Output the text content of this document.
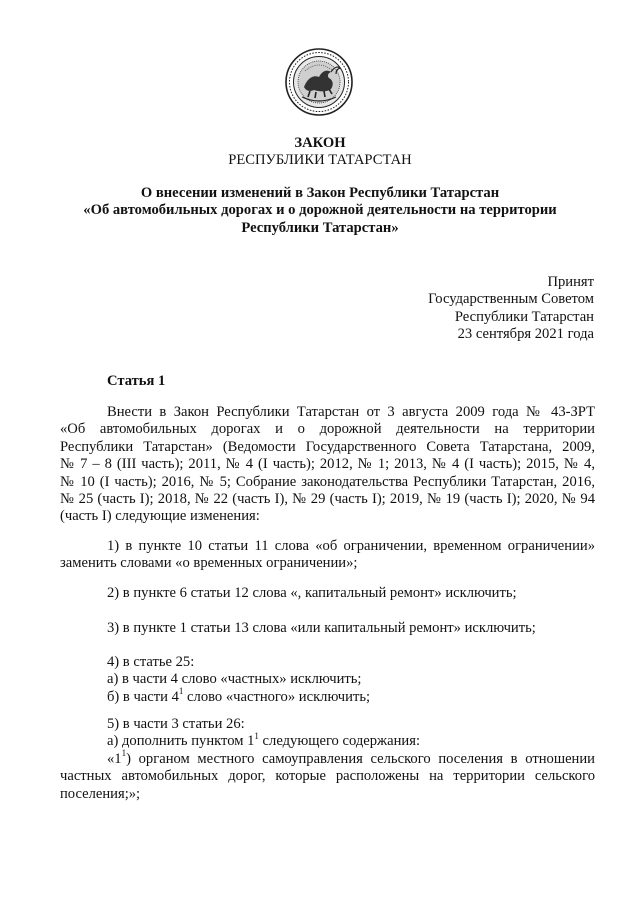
ЗАКОН
РЕСПУБЛИКИ ТАТАРСТАН
О внесении изменений в Закон Республики Татарстан
«Об автомобильных дорогах и о дорожной деятельности на территории
Республики Татарстан»
Принят
Государственным Советом
Республики Татарстан
23 сентября 2021 года
Статья 1
Внести в Закон Республики Татарстан от 3 августа 2009 года № 43-ЗРТ
«Об автомобильных дорогах и о дорожной деятельности на территории
Республики Татарстан» (Ведомости Государственного Совета Татарстана, 2009,
№ 7 – 8 (III часть); 2011, № 4 (I часть); 2012, № 1; 2013, № 4 (I часть); 2015, № 4,
№ 10 (I часть); 2016, № 5; Собрание законодательства Республики Татарстан, 2016,
№ 25 (часть I); 2018, № 22 (часть I), № 29 (часть I); 2019, № 19 (часть I); 2020, № 94
(часть I) следующие изменения:
1) в пункте 10 статьи 11 слова «об ограничении, временном ограничении»
заменить словами «о временных ограничении»;
2) в пункте 6 статьи 12 слова «, капитальный ремонт» исключить;
3) в пункте 1 статьи 13 слова «или капитальный ремонт» исключить;
4) в статье 25:
а) в части 4 слово «частных» исключить;
б) в части $4^1$ слово «частного» исключить;
5) в части 3 статьи 26:
а) дополнить пунктом $1^1$ следующего содержания:
«$1^1$) органом местного самоуправления сельского поселения в отношении
частных автомобильных дорог, которые расположены на территории сельского
поселения;»;
